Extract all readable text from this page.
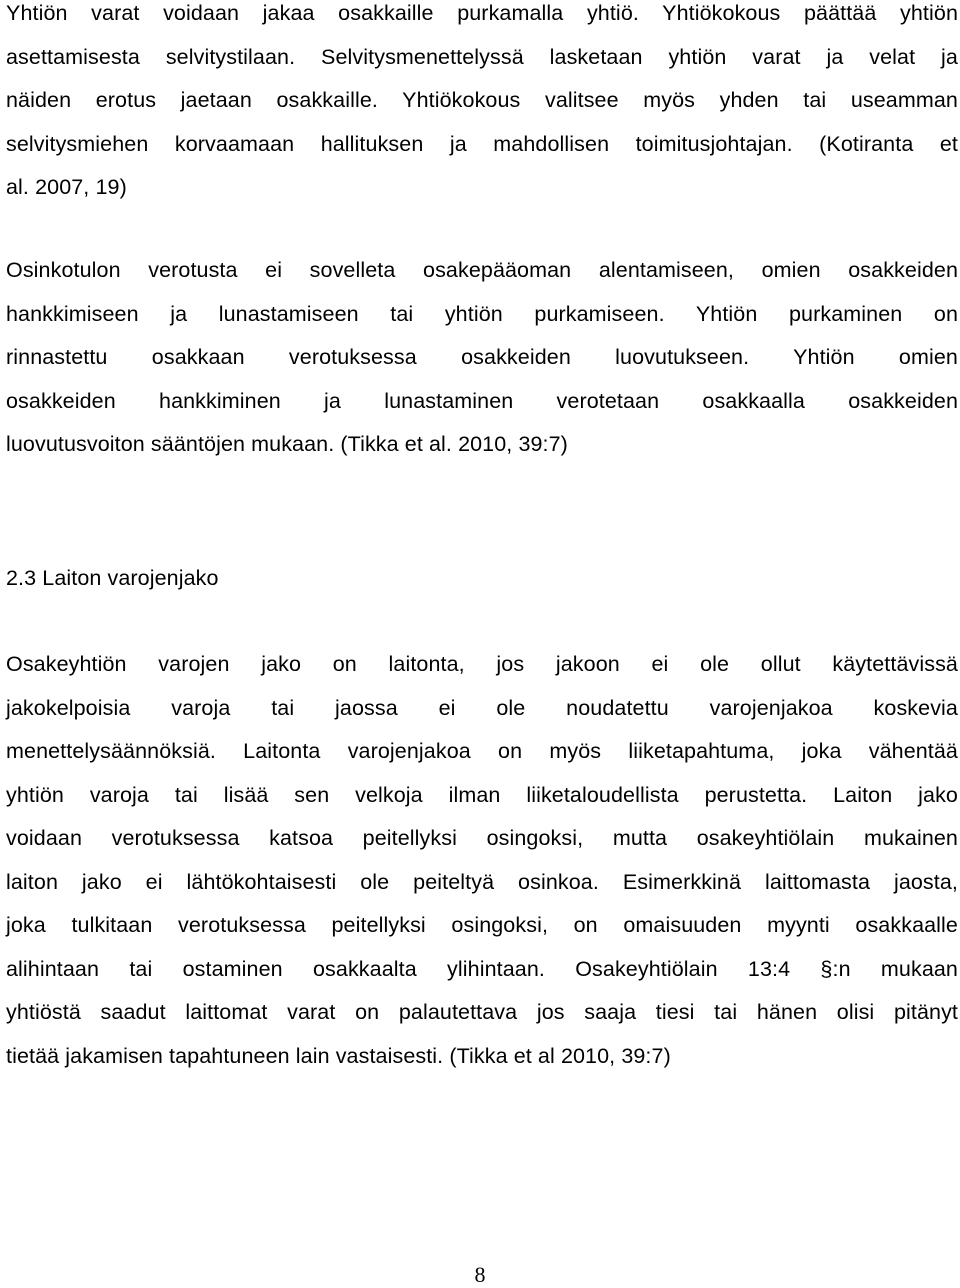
Yhtiön varat voidaan jakaa osakkaille purkamalla yhtiö. Yhtiökokous päättää yhtiön
asettamisesta selvitystilaan. Selvitysmenettelyssä lasketaan yhtiön varat ja velat ja
näiden erotus jaetaan osakkaille. Yhtiökokous valitsee myös yhden tai useamman
selvitysmiehen korvaamaan hallituksen ja mahdollisen toimitusjohtajan. (Kotiranta et
al. 2007, 19)
Osinkotulon verotusta ei sovelleta osakepääoman alentamiseen, omien osakkeiden
hankkimiseen ja lunastamiseen tai yhtiön purkamiseen. Yhtiön purkaminen on
rinnastettu osakkaan verotuksessa osakkeiden luovutukseen. Yhtiön omien
osakkeiden hankkiminen ja lunastaminen verotetaan osakkaalla osakkeiden
luovutusvoiton sääntöjen mukaan. (Tikka et al. 2010, 39:7)
2.3 Laiton varojenjako
Osakeyhtiön varojen jako on laitonta, jos jakoon ei ole ollut käytettävissä
jakokelpoisia varoja tai jaossa ei ole noudatettu varojenjakoa koskevia
menettelysäännöksiä. Laitonta varojenjakoa on myös liiketapahtuma, joka vähentää
yhtiön varoja tai lisää sen velkoja ilman liiketaloudellista perustetta. Laiton jako
voidaan verotuksessa katsoa peitellyksi osingoksi, mutta osakeyhtiölain mukainen
laiton jako ei lähtökohtaisesti ole peiteltyä osinkoa. Esimerkkinä laittomasta jaosta,
joka tulkitaan verotuksessa peitellyksi osingoksi, on omaisuuden myynti osakkaalle
alihintaan tai ostaminen osakkaalta ylihintaan. Osakeyhtiölain 13:4 §:n mukaan
yhtiöstä saadut laittomat varat on palautettava jos saaja tiesi tai hänen olisi pitänyt
tietää jakamisen tapahtuneen lain vastaisesti. (Tikka et al 2010, 39:7)
8
